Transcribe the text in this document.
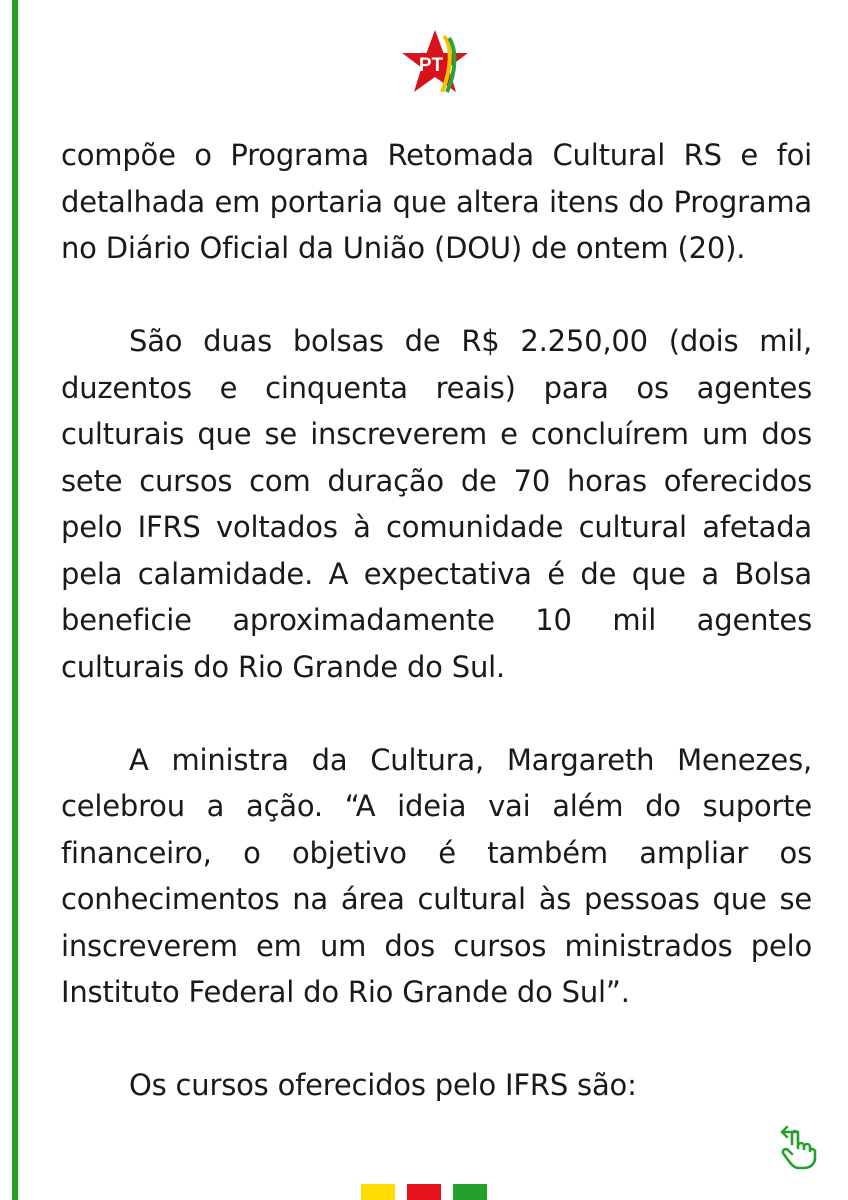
PT

compõe o Programa Retomada Cultural RS e foi detalhada em portaria que altera itens do Programa no Diário Oficial da União (DOU) de ontem (20).

São duas bolsas de R$ 2.250,00 (dois mil, duzentos e cinquenta reais) para os agentes culturais que se inscreverem e concluírem um dos sete cursos com duração de 70 horas oferecidos pelo IFRS voltados à comunidade cultural afetada pela calamidade. A expectativa é de que a Bolsa beneficie aproximadamente 10 mil agentes culturais do Rio Grande do Sul.

A ministra da Cultura, Margareth Menezes, celebrou a ação. “A ideia vai além do suporte financeiro, o objetivo é também ampliar os conhecimentos na área cultural às pessoas que se inscreverem em um dos cursos ministrados pelo Instituto Federal do Rio Grande do Sul”.

Os cursos oferecidos pelo IFRS são:
